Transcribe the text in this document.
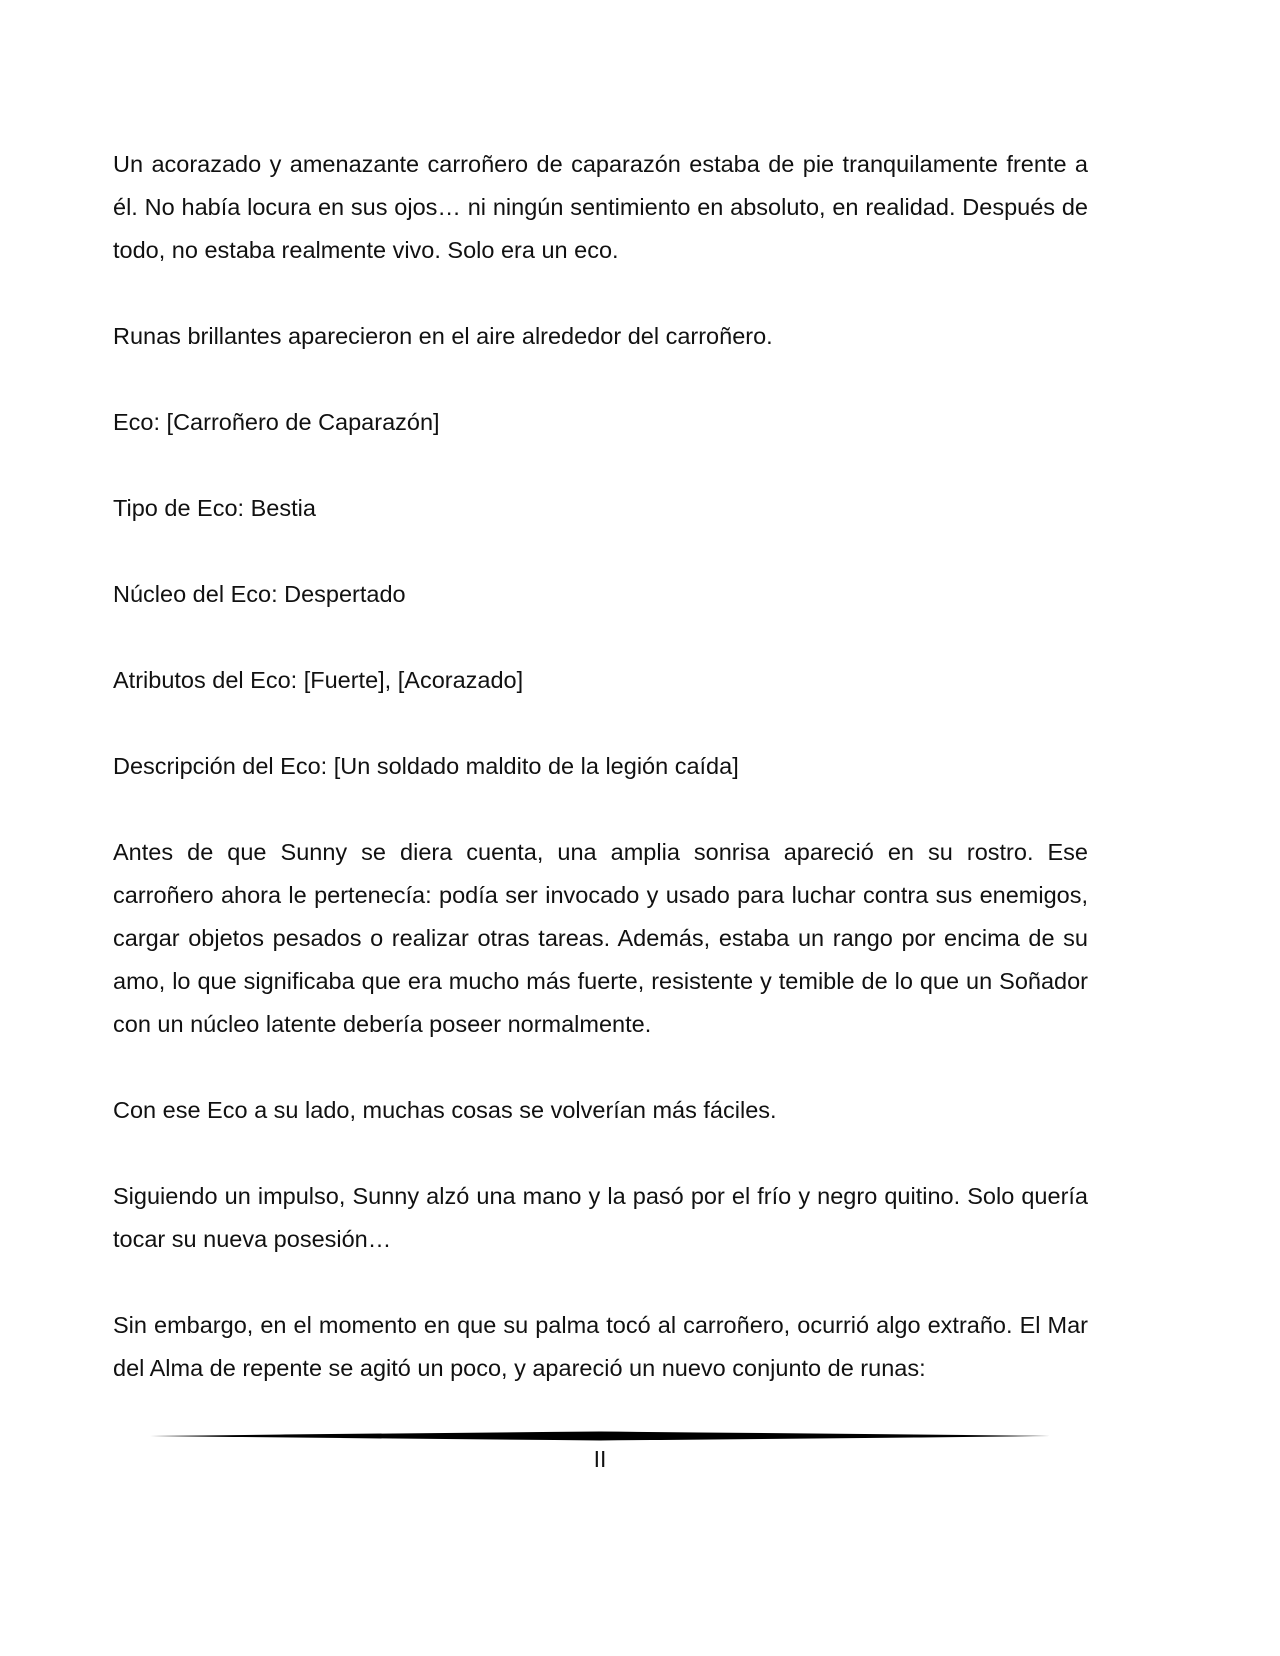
Un acorazado y amenazante carroñero de caparazón estaba de pie tranquilamente frente a él. No había locura en sus ojos… ni ningún sentimiento en absoluto, en realidad. Después de todo, no estaba realmente vivo. Solo era un eco.

Runas brillantes aparecieron en el aire alrededor del carroñero.

Eco: [Carroñero de Caparazón]

Tipo de Eco: Bestia

Núcleo del Eco: Despertado

Atributos del Eco: [Fuerte], [Acorazado]

Descripción del Eco: [Un soldado maldito de la legión caída]

Antes de que Sunny se diera cuenta, una amplia sonrisa apareció en su rostro. Ese carroñero ahora le pertenecía: podía ser invocado y usado para luchar contra sus enemigos, cargar objetos pesados o realizar otras tareas. Además, estaba un rango por encima de su amo, lo que significaba que era mucho más fuerte, resistente y temible de lo que un Soñador con un núcleo latente debería poseer normalmente.

Con ese Eco a su lado, muchas cosas se volverían más fáciles.

Siguiendo un impulso, Sunny alzó una mano y la pasó por el frío y negro quitino. Solo quería tocar su nueva posesión…

Sin embargo, en el momento en que su palma tocó al carroñero, ocurrió algo extraño. El Mar del Alma de repente se agitó un poco, y apareció un nuevo conjunto de runas:

II
